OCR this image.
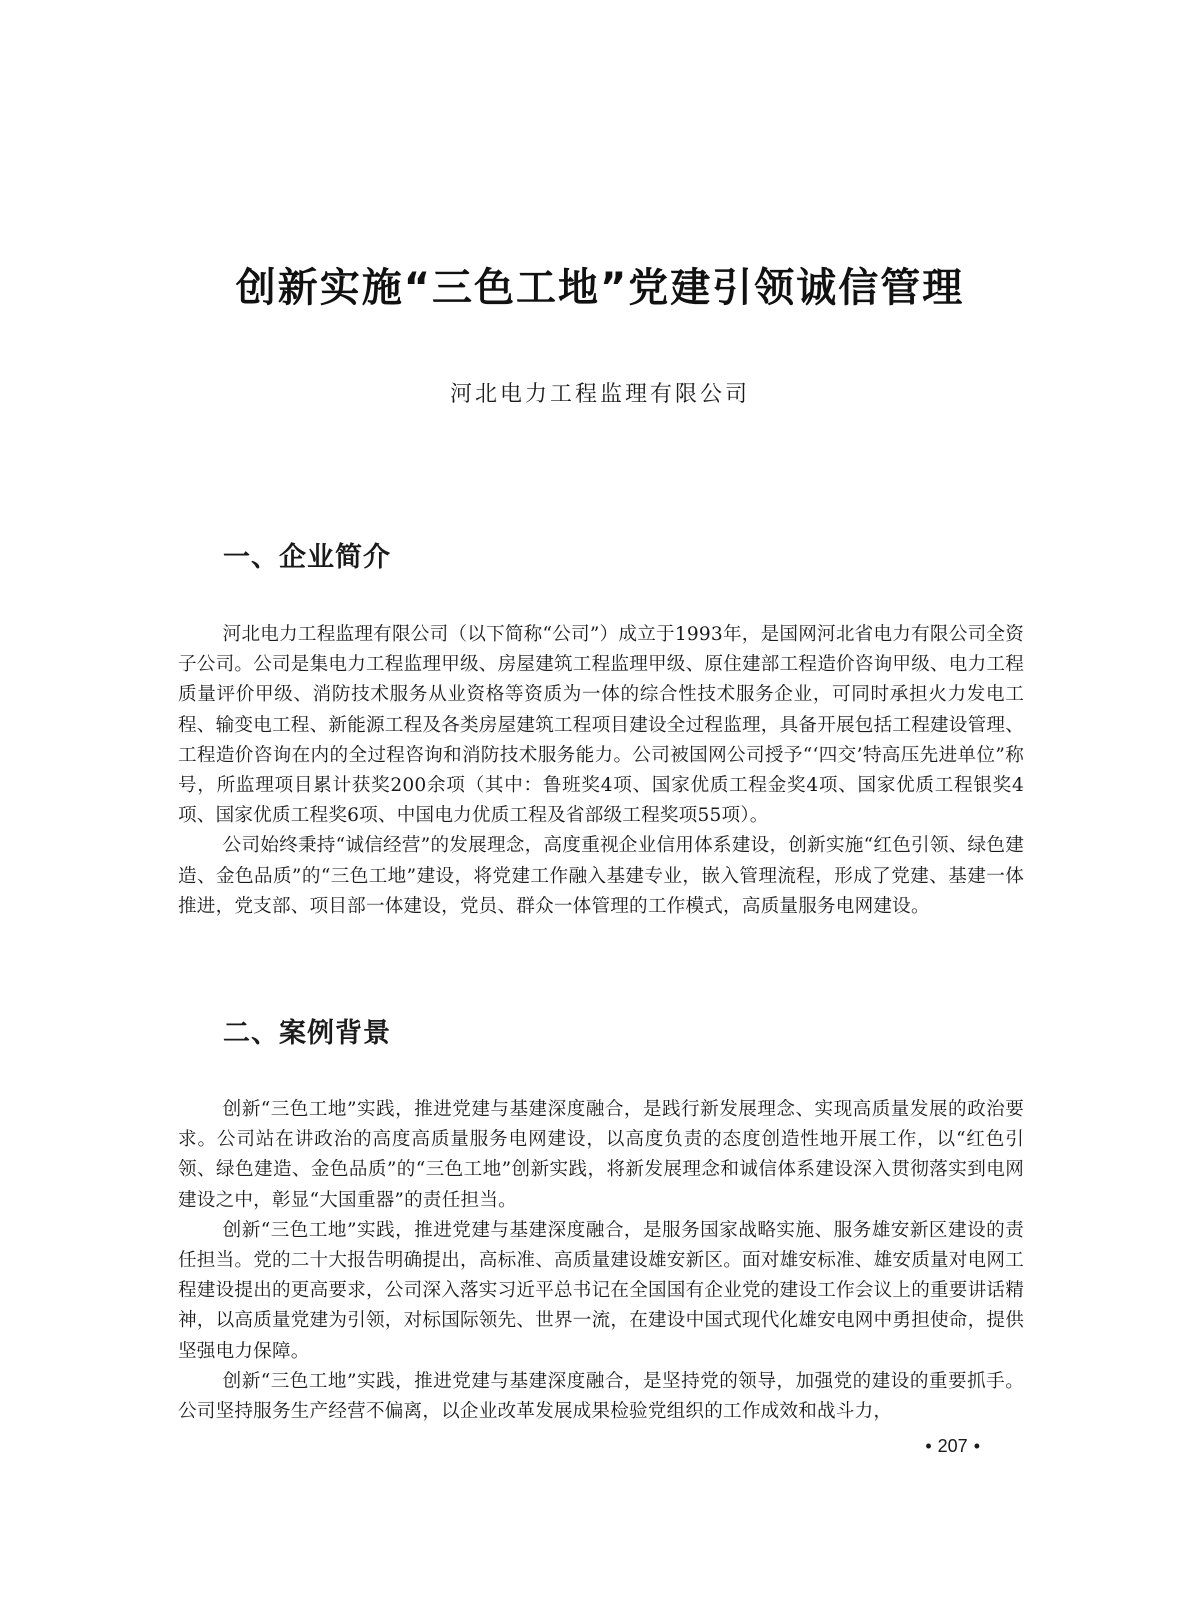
创新实施“三色工地”党建引领诚信管理
河北电力工程监理有限公司
一、企业简介

河北电力工程监理有限公司（以下简称“公司”）成立于1993年，是国网河北省电力有限公司全资子公司。公司是集电力工程监理甲级、房屋建筑工程监理甲级、原住建部工程造价咨询甲级、电力工程质量评价甲级、消防技术服务从业资格等资质为一体的综合性技术服务企业，可同时承担火力发电工程、输变电工程、新能源工程及各类房屋建筑工程项目建设全过程监理，具备开展包括工程建设管理、工程造价咨询在内的全过程咨询和消防技术服务能力。公司被国网公司授予“‘四交’特高压先进单位”称号，所监理项目累计获奖200余项（其中：鲁班奖4项、国家优质工程金奖4项、国家优质工程银奖4项、国家优质工程奖6项、中国电力优质工程及省部级工程奖项55项）。

公司始终秉持“诚信经营”的发展理念，高度重视企业信用体系建设，创新实施“红色引领、绿色建造、金色品质”的“三色工地”建设，将党建工作融入基建专业，嵌入管理流程，形成了党建、基建一体推进，党支部、项目部一体建设，党员、群众一体管理的工作模式，高质量服务电网建设。

二、案例背景

创新“三色工地”实践，推进党建与基建深度融合，是践行新发展理念、实现高质量发展的政治要求。公司站在讲政治的高度高质量服务电网建设，以高度负责的态度创造性地开展工作，以“红色引领、绿色建造、金色品质”的“三色工地”创新实践，将新发展理念和诚信体系建设深入贯彻落实到电网建设之中，彰显“大国重器”的责任担当。

创新“三色工地”实践，推进党建与基建深度融合，是服务国家战略实施、服务雄安新区建设的责任担当。党的二十大报告明确提出，高标准、高质量建设雄安新区。面对雄安标准、雄安质量对电网工程建设提出的更高要求，公司深入落实习近平总书记在全国国有企业党的建设工作会议上的重要讲话精神，以高质量党建为引领，对标国际领先、世界一流，在建设中国式现代化雄安电网中勇担使命，提供坚强电力保障。

创新“三色工地”实践，推进党建与基建深度融合，是坚持党的领导，加强党的建设的重要抓手。公司坚持服务生产经营不偏离，以企业改革发展成果检验党组织的工作成效和战斗力，

• 207 •
